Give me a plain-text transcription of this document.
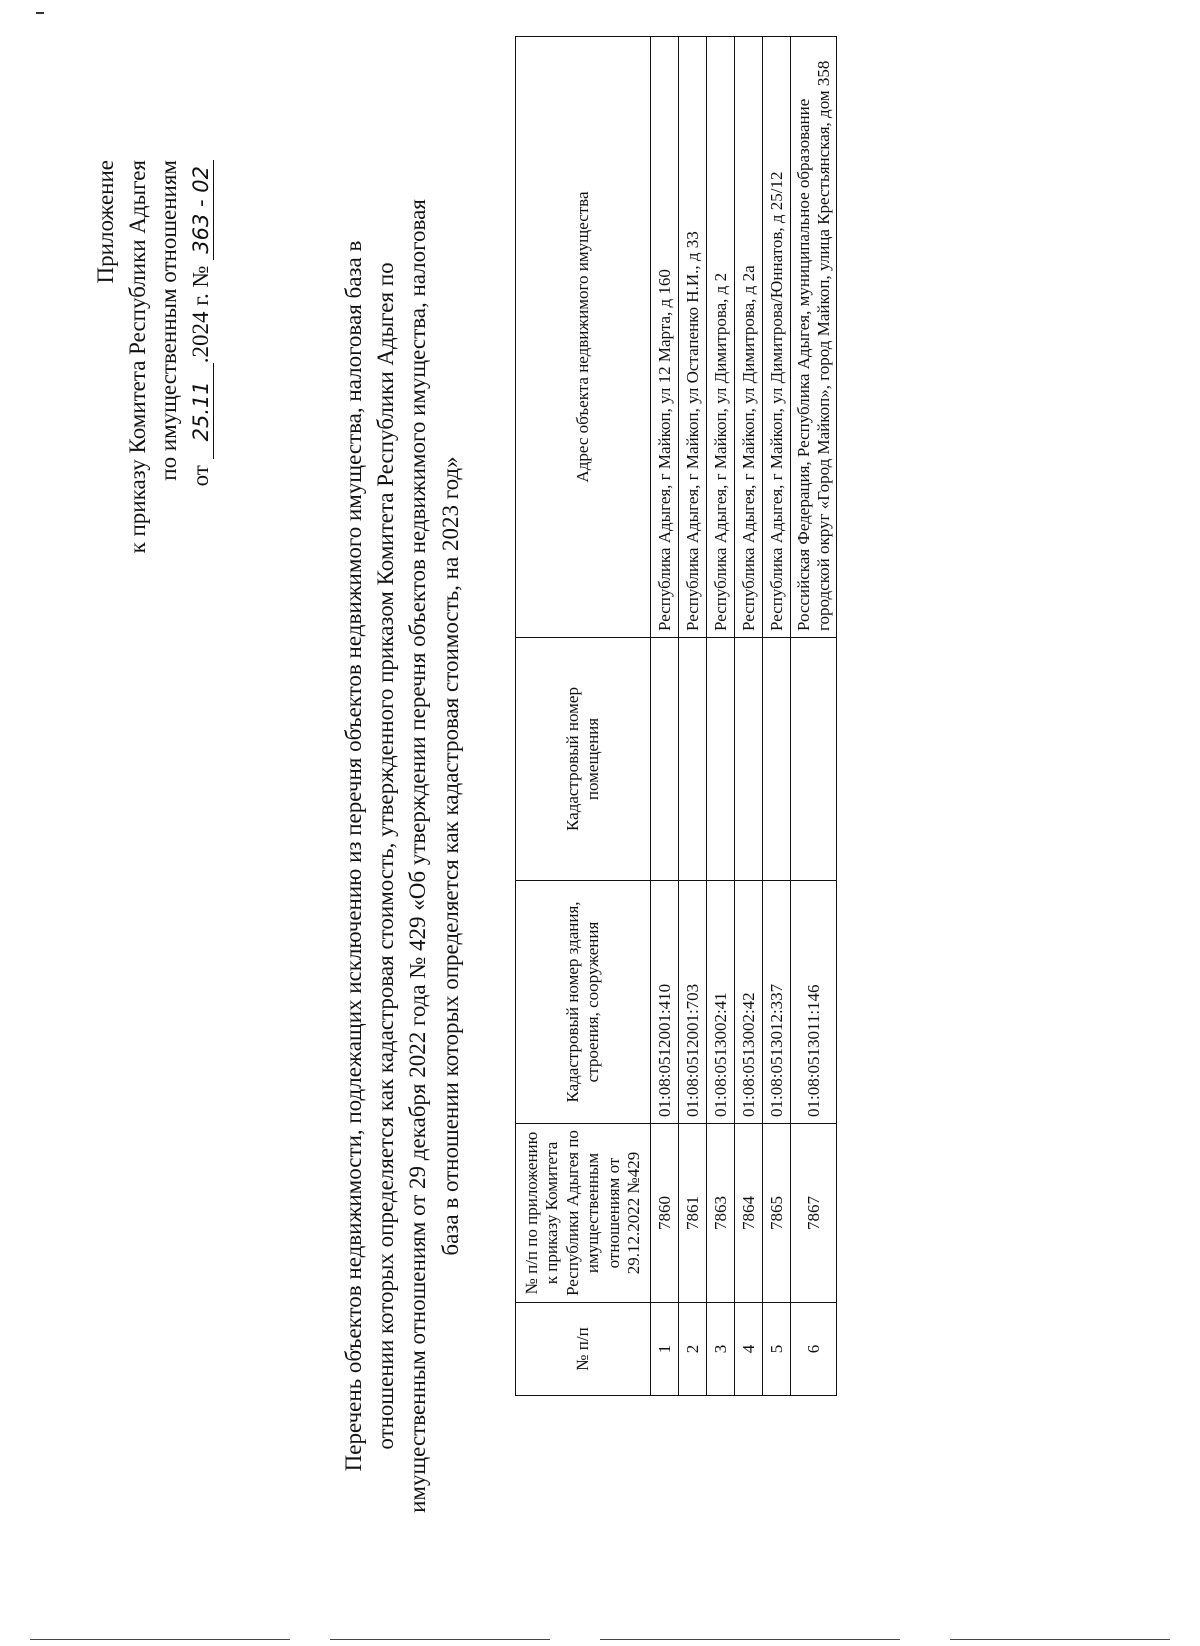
Приложение к приказу Комитета Республики Адыгея по имущественным отношениям от 25.11.2024 г. № 363 - 02
Перечень объектов недвижимости, подлежащих исключению из перечня объектов недвижимого имущества, налоговая база в отношении которых определяется как кадастровая стоимость, утвержденного приказом Комитета Республики Адыгея по имущественным отношениям от 29 декабря 2022 года № 429 «Об утверждении перечня объектов недвижимого имущества, налоговая база в отношении которых определяется как кадастровая стоимость, на 2023 год»
№ п/п	№ п/п по приложению к приказу Комитета Республики Адыгея по имущественным отношениям от 29.12.2022 №429	Кадастровый номер здания, строения, сооружения	Кадастровый номер помещения	Адрес объекта недвижимого имущества
1	7860	01:08:0512001:410		Республика Адыгея, г Майкоп, ул 12 Марта, д 160
2	7861	01:08:0512001:703		Республика Адыгея, г Майкоп, ул Остапенко Н.И., д 33
3	7863	01:08:0513002:41		Республика Адыгея, г Майкоп, ул Димитрова, д 2
4	7864	01:08:0513002:42		Республика Адыгея, г Майкоп, ул Димитрова, д 2а
5	7865	01:08:0513012:337		Республика Адыгея, г Майкоп, ул Димитрова/Юннатов, д 25/12
6	7867	01:08:0513011:146		Российская Федерация, Республика Адыгея, муниципальное образование городской округ «Город Майкоп», город Майкоп, улица Крестьянская, дом 358
